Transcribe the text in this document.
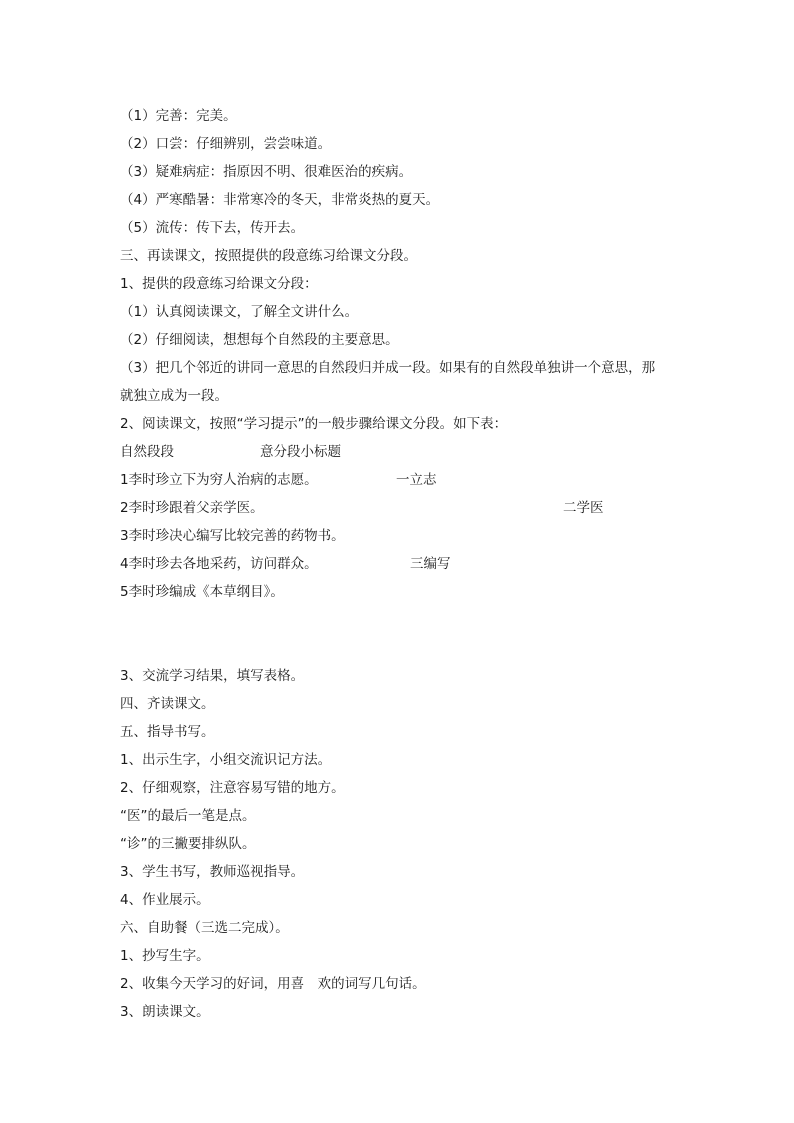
（1）完善：完美。
（2）口尝：仔细辨别，尝尝味道。
（3）疑难病症：指原因不明、很难医治的疾病。
（4）严寒酷暑：非常寒冷的冬天，非常炎热的夏天。
（5）流传：传下去，传开去。
三、再读课文，按照提供的段意练习给课文分段。
1、提供的段意练习给课文分段：
（1）认真阅读课文，了解全文讲什么。
（2）仔细阅读，想想每个自然段的主要意思。
（3）把几个邻近的讲同一意思的自然段归并成一段。如果有的自然段单独讲一个意思，那
就独立成为一段。
2、阅读课文，按照“学习提示”的一般步骤给课文分段。如下表：
自然段段	意分段小标题
1李时珍立下为穷人治病的志愿。	一立志
2李时珍跟着父亲学医。	二学医
3李时珍决心编写比较完善的药物书。
4李时珍去各地采药，访问群众。	三编写
5李时珍编成《本草纲目》。
3、交流学习结果，填写表格。
四、齐读课文。
五、指导书写。
1、出示生字，小组交流识记方法。
2、仔细观察，注意容易写错的地方。
“医”的最后一笔是点。
“诊”的三撇要排纵队。
3、学生书写，教师巡视指导。
4、作业展示。
六、自助餐（三选二完成）。
1、抄写生字。
2、收集今天学习的好词，用喜　欢的词写几句话。
3、朗读课文。
